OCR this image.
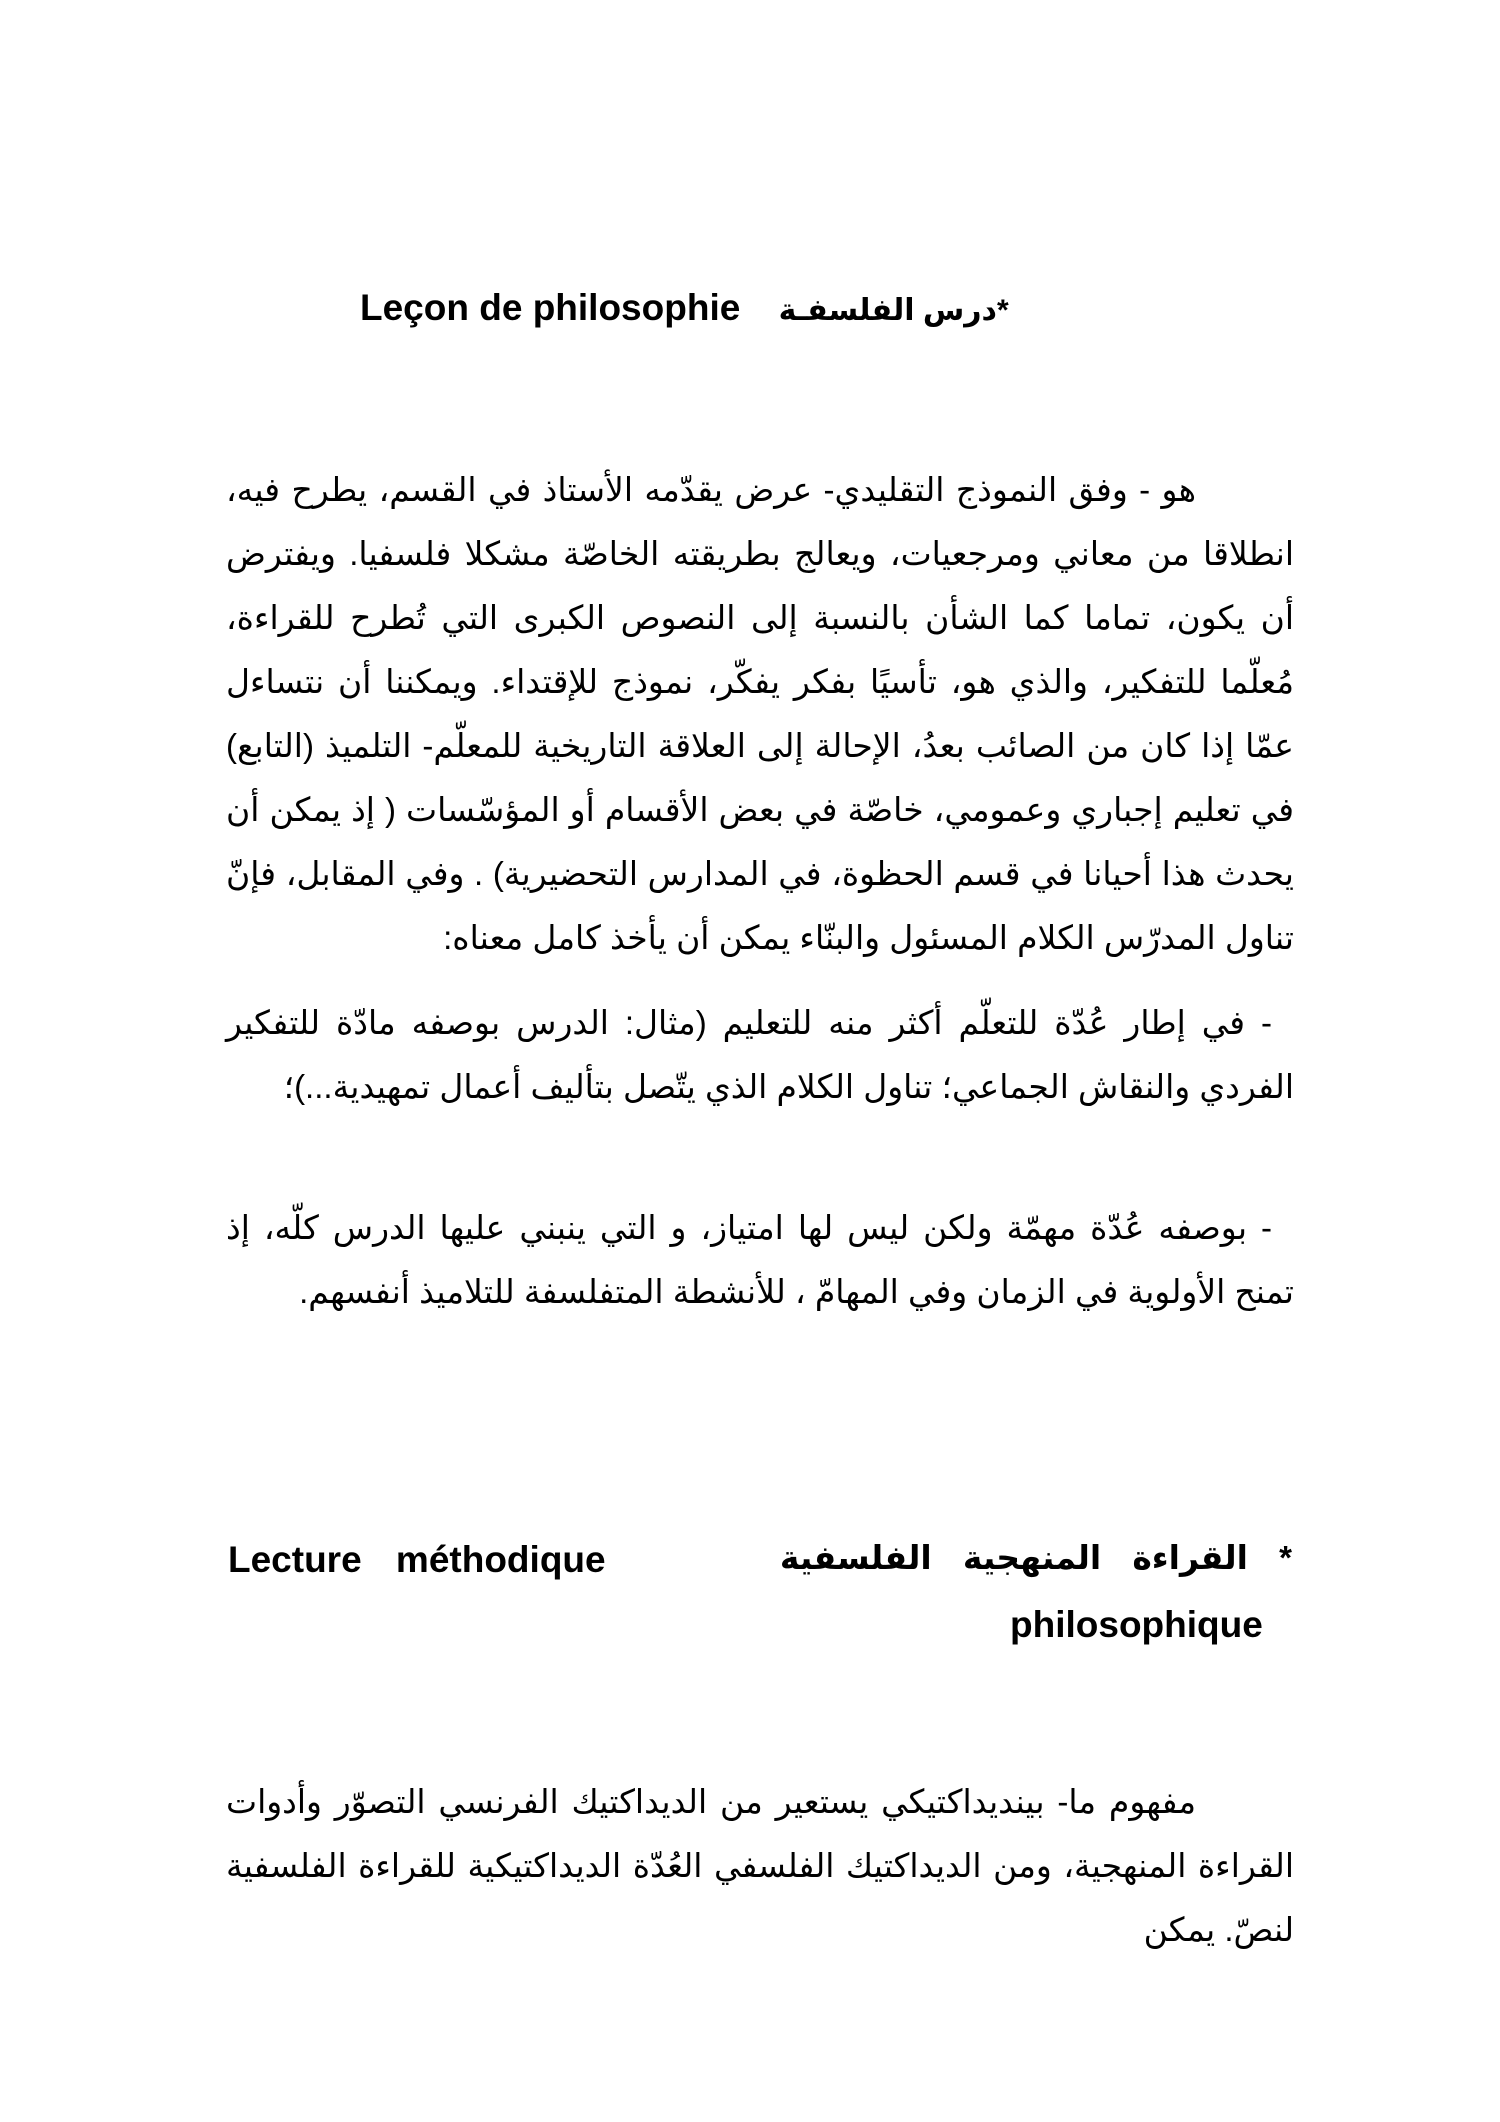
Leçon de philosophie *درس الفلسفـة

هو - وفق النموذج التقليدي- عرض يقدّمه الأستاذ في القسم، يطرح فيه، انطلاقا من معاني ومرجعيات، ويعالج بطريقته الخاصّة مشكلا فلسفيا. ويفترض أن يكون، تماما كما الشأن بالنسبة إلى النصوص الكبرى التي تُطرح للقراءة، مُعلّما للتفكير، والذي هو، تأسيًا بفكر يفكّر، نموذج للإقتداء. ويمكننا أن نتساءل عمّا إذا كان من الصائب بعدُ، الإحالة إلى العلاقة التاريخية للمعلّم- التلميذ (التابع) في تعليم إجباري وعمومي، خاصّة في بعض الأقسام أو المؤسّسات ( إذ يمكن أن يحدث هذا أحيانا في قسم الحظوة، في المدارس التحضيرية) . وفي المقابل، فإنّ تناول المدرّس الكلام المسئول والبنّاء يمكن أن يأخذ كامل معناه:

- في إطار عُدّة للتعلّم أكثر منه للتعليم (مثال: الدرس بوصفه مادّة للتفكير الفردي والنقاش الجماعي؛ تناول الكلام الذي يتّصل بتأليف أعمال تمهيدية...)؛

- بوصفه عُدّة مهمّة ولكن ليس لها امتياز، و التي ينبني عليها الدرس كلّه، إذ تمنح الأولوية في الزمان وفي المهامّ ، للأنشطة المتفلسفة للتلاميذ أنفسهم.

Lecture méthodique	* القراءة المنهجية الفلسفية
philosophique

مفهوم ما- بينديداكتيكي يستعير من الديداكتيك الفرنسي التصوّر وأدوات القراءة المنهجية، ومن الديداكتيك الفلسفي العُدّة الديداكتيكية للقراءة الفلسفية لنصّ. يمكن
